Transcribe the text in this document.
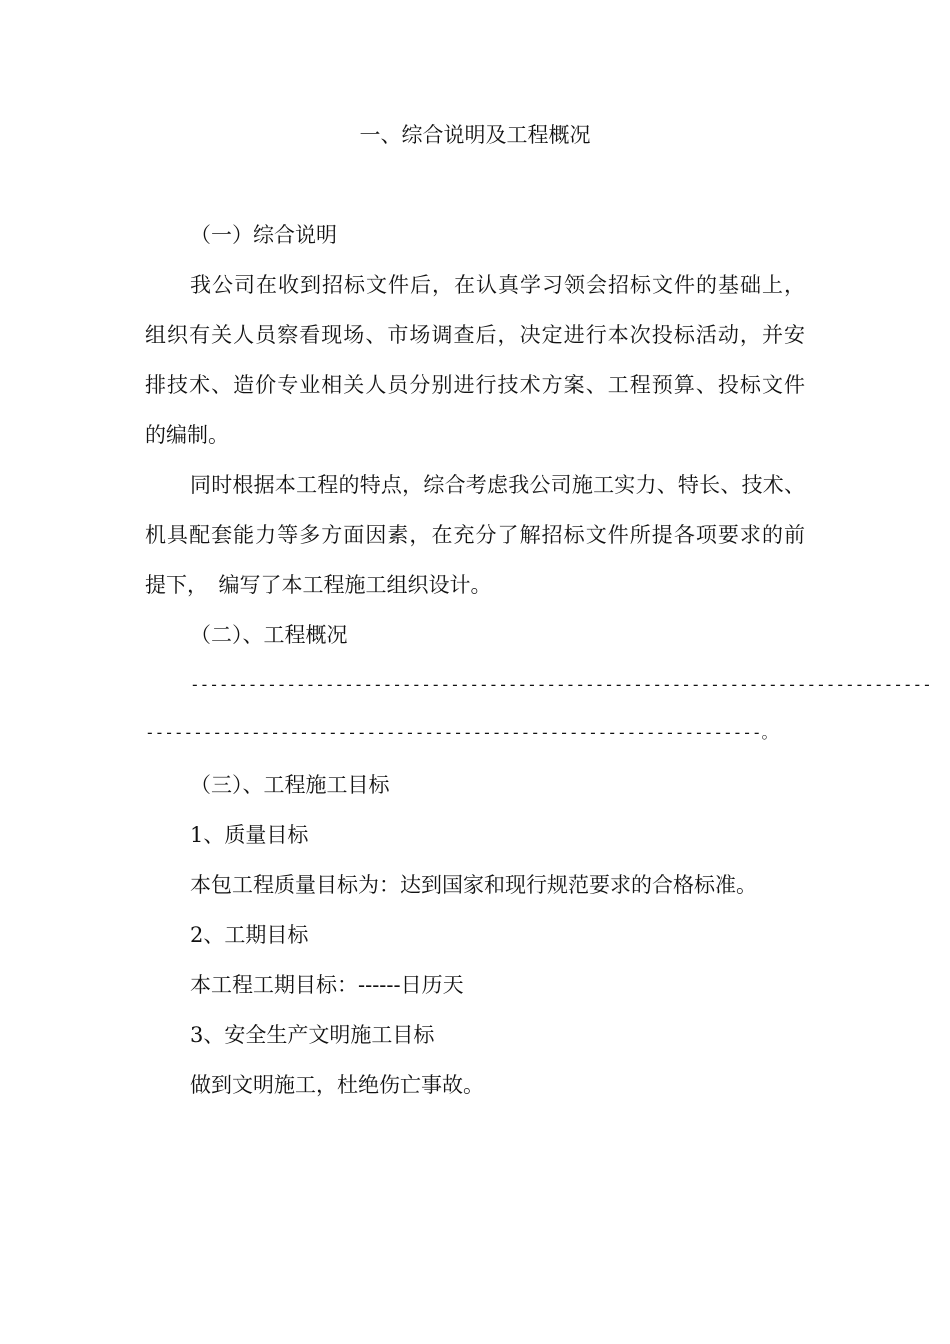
一、综合说明及工程概况
（一）综合说明
我公司在收到招标文件后，在认真学习领会招标文件的基础上，
组织有关人员察看现场、市场调查后，决定进行本次投标活动，并安
排技术、造价专业相关人员分别进行技术方案、工程预算、投标文件
的编制。
同时根据本工程的特点，综合考虑我公司施工实力、特长、技术、
机具配套能力等多方面因素，在充分了解招标文件所提各项要求的前
提下，　编写了本工程施工组织设计。
（二）、工程概况
-----------------------------------------------------------------------------
----------------------------------------------------------------。
（三）、工程施工目标
1、质量目标
本包工程质量目标为：达到国家和现行规范要求的合格标准。
2、工期目标
本工程工期目标：------日历天
3、安全生产文明施工目标
做到文明施工，杜绝伤亡事故。
